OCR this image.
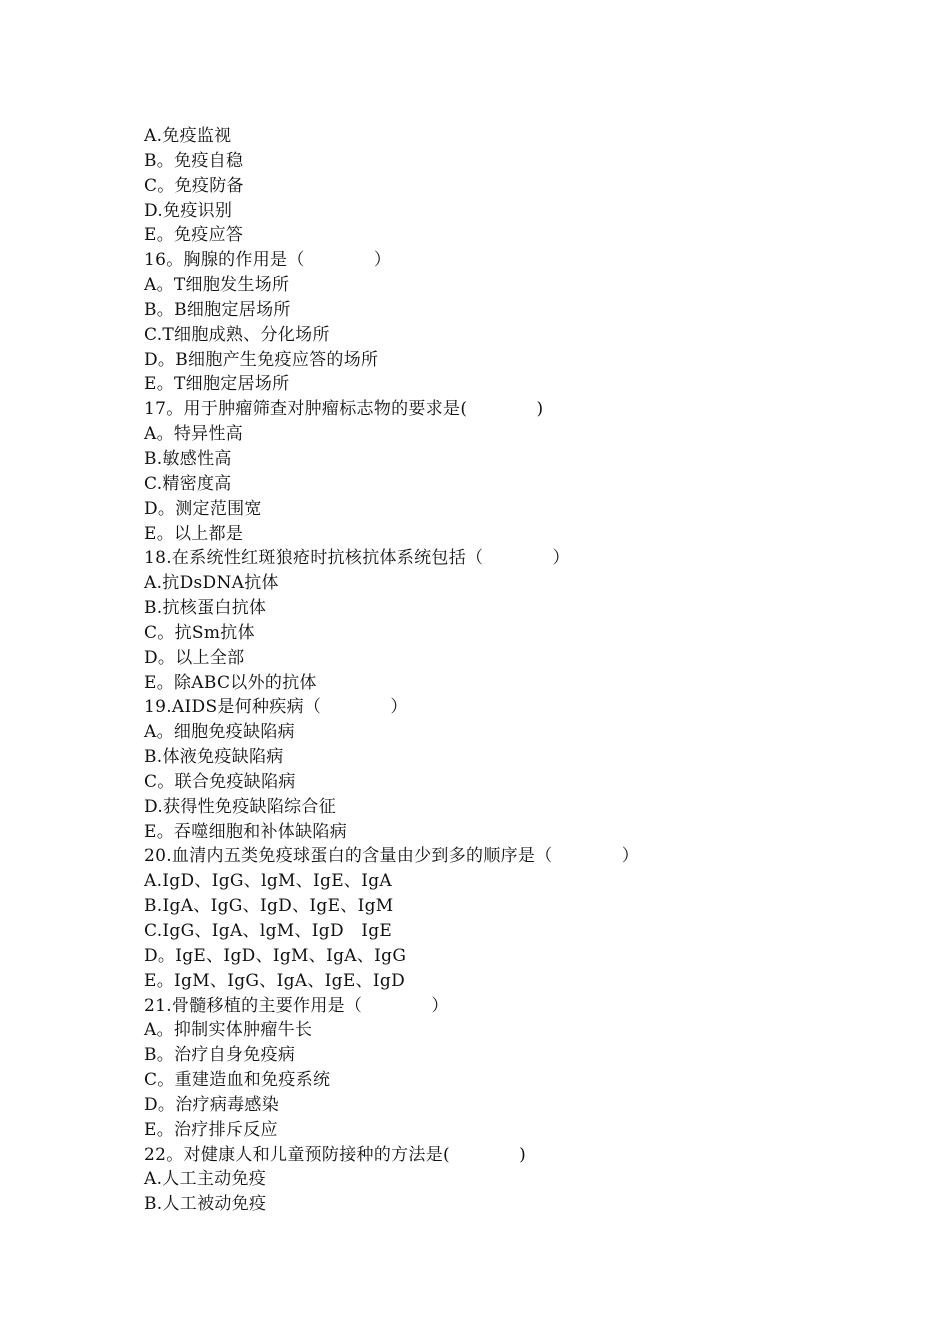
A.免疫监视
B。免疫自稳
C。免疫防备
D.免疫识别
E。免疫应答
16。胸腺的作用是（　　　　）
A。T细胞发生场所
B。B细胞定居场所
C.T细胞成熟、分化场所
D。B细胞产生免疫应答的场所
E。T细胞定居场所
17。用于肿瘤筛查对肿瘤标志物的要求是(　　　　)
A。特异性高
B.敏感性高
C.精密度高
D。测定范围宽
E。以上都是
18.在系统性红斑狼疮时抗核抗体系统包括（　　　　）
A.抗DsDNA抗体
B.抗核蛋白抗体
C。抗Sm抗体
D。以上全部
E。除ABC以外的抗体
19.AIDS是何种疾病（　　　　）
A。细胞免疫缺陷病
B.体液免疫缺陷病
C。联合免疫缺陷病
D.获得性免疫缺陷综合征
E。吞噬细胞和补体缺陷病
20.血清内五类免疫球蛋白的含量由少到多的顺序是（　　　　）
A.IgD、IgG、lgM、IgE、IgA
B.IgA、IgG、IgD、IgE、IgM
C.IgG、IgA、lgM、IgD　IgE
D。IgE、IgD、IgM、IgA、IgG
E。IgM、IgG、IgA、IgE、IgD
21.骨髓移植的主要作用是（　　　　）
A。抑制实体肿瘤牛长
B。治疗自身免疫病
C。重建造血和免疫系统
D。治疗病毒感染
E。治疗排斥反应
22。对健康人和儿童预防接种的方法是(　　　　)
A.人工主动免疫
B.人工被动免疫
